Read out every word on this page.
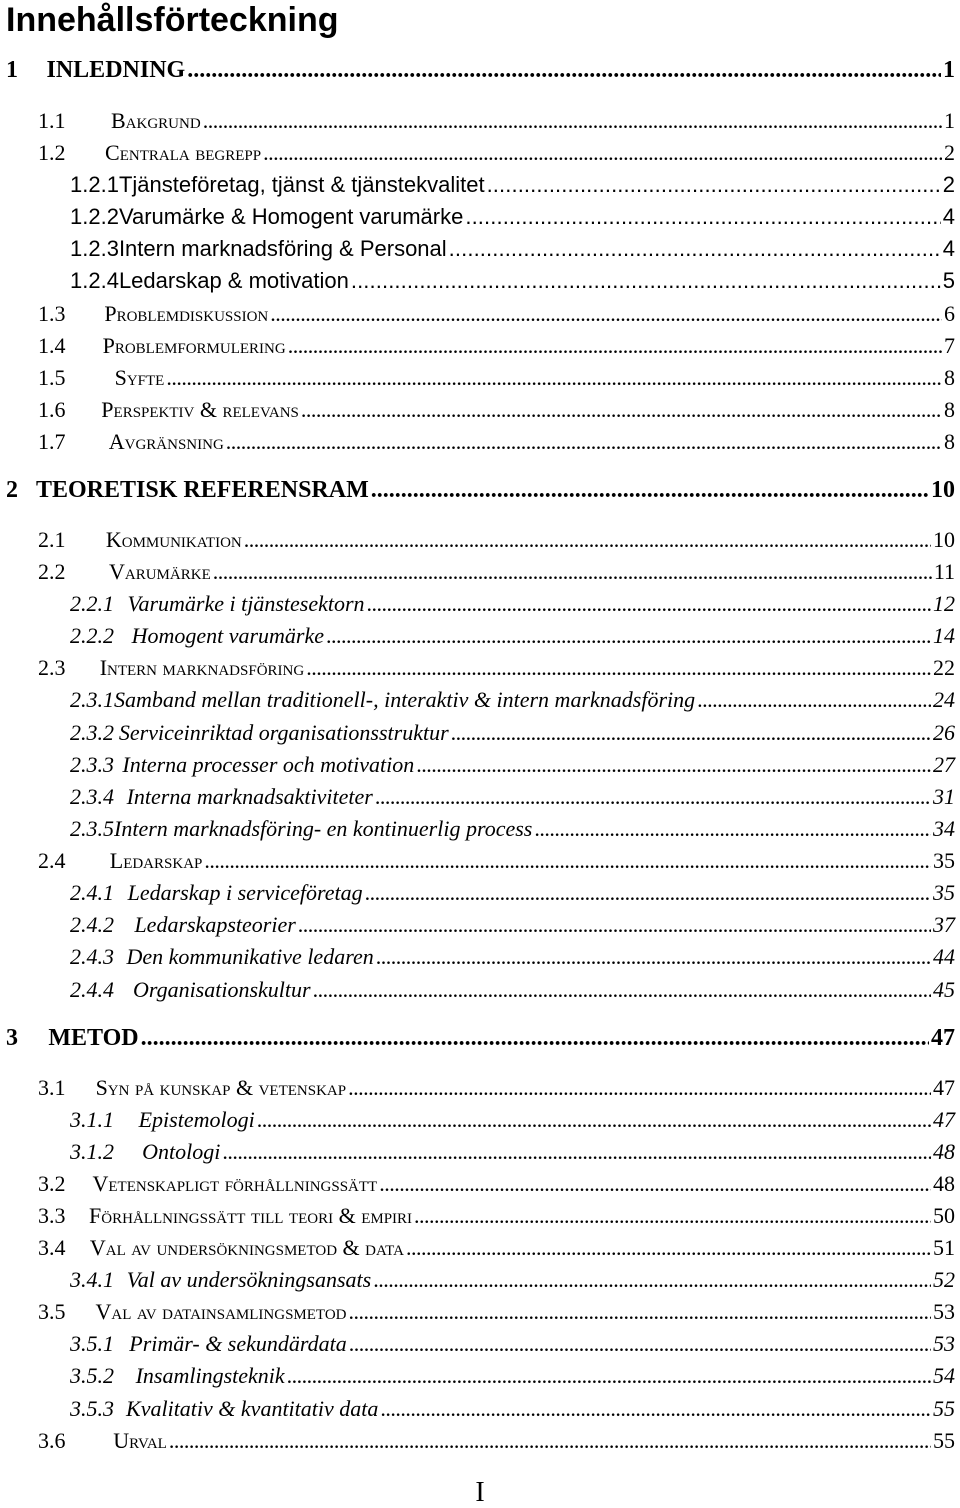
Innehållsförteckning
1	INLEDNING . . .	1
1.1	Bakgrund . . .	1
1.2	Centrala begrepp . . .	2
1.2.1 Tjänsteföretag, tjänst & tjänstekvalitet . . .	2
1.2.2 Varumärke & Homogent varumärke . . .	4
1.2.3 Intern marknadsföring & Personal . . .	4
1.2.4 Ledarskap & motivation . . .	5
1.3	Problemdiskussion . . .	6
1.4	Problemformulering . . .	7
1.5	Syfte . . .	8
1.6	Perspektiv & relevans . . .	8
1.7	Avgränsning . . .	8
2 TEORETISK REFERENSRAM . . .	10
2.1	Kommunikation . . .	10
2.2	Varumärke . . .	11
2.2.1 Varumärke i tjänstesektorn . . .	12
2.2.2 Homogent varumärke . . .	14
2.3	Intern marknadsföring . . .	22
2.3.1 Samband mellan traditionell-, interaktiv & intern marknadsföring . . .	24
2.3.2 Serviceinriktad organisationsstruktur . . .	26
2.3.3 Interna processer och motivation . . .	27
2.3.4 Interna marknadsaktiviteter . . .	31
2.3.5 Intern marknadsföring- en kontinuerlig process . . .	34
2.4	Ledarskap . . .	35
2.4.1 Ledarskap i serviceföretag . . .	35
2.4.2 Ledarskapsteorier . . .	37
2.4.3 Den kommunikative ledaren . . .	44
2.4.4 Organisationskultur . . .	45
3	METOD . . .	47
3.1	Syn på kunskap & vetenskap . . .	47
3.1.1	Epistemologi . . .	47
3.1.2	Ontologi . . .	48
3.2	Vetenskapligt förhållningssätt . . .	48
3.3	Förhållningssätt till teori & empiri . . .	50
3.4	Val av undersökningsmetod & data . . .	51
3.4.1 Val av undersökningsansats . . .	52
3.5	Val av datainsamlingsmetod . . .	53
3.5.1 Primär- & sekundärdata . . .	53
3.5.2 Insamlingsteknik . . .	54
3.5.3 Kvalitativ & kvantitativ data . . .	55
3.6	Urval . . .	55
I
